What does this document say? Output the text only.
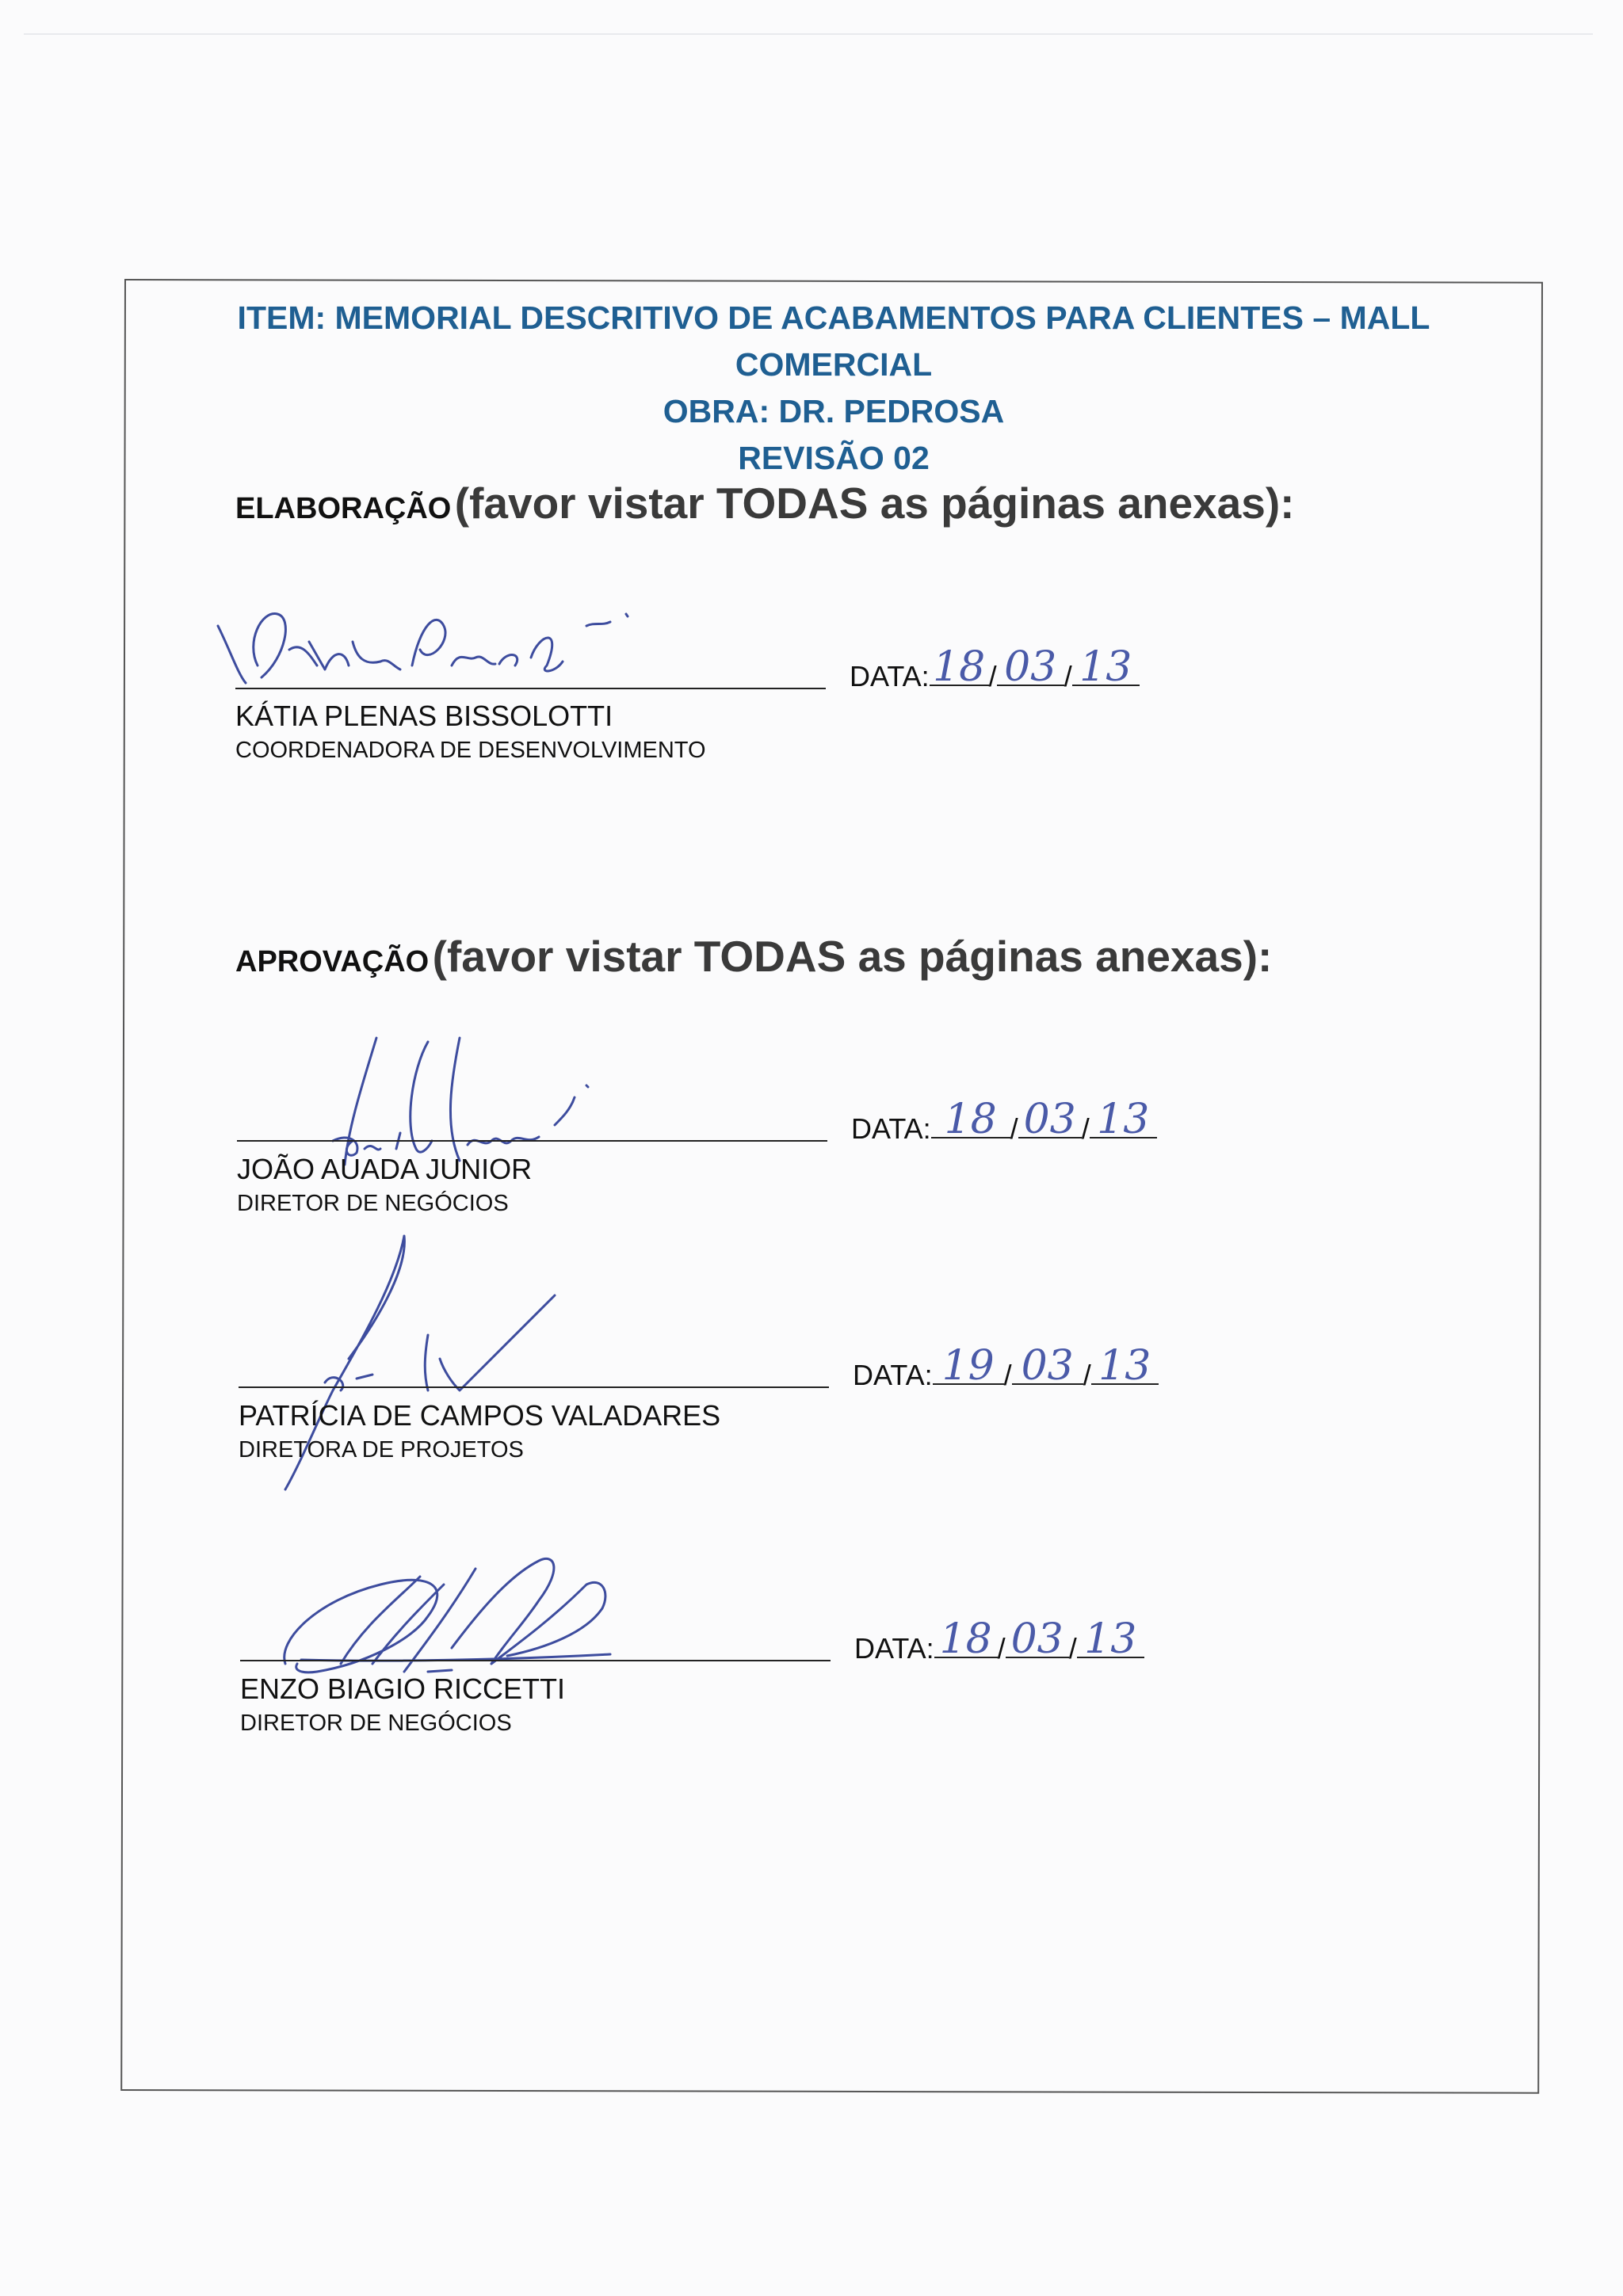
ITEM: MEMORIAL DESCRITIVO DE ACABAMENTOS PARA CLIENTES – MALL
COMERCIAL
OBRA: DR. PEDROSA
REVISÃO 02
ELABORAÇÃO (favor vistar TODAS as páginas anexas):
DATA: 18 / 03 / 13
KÁTIA PLENAS BISSOLOTTI
COORDENADORA DE DESENVOLVIMENTO
APROVAÇÃO (favor vistar TODAS as páginas anexas):
DATA: 18 / 03 / 13
JOÃO AUADA JUNIOR
DIRETOR DE NEGÓCIOS
DATA: 19 / 03 / 13
PATRÍCIA DE CAMPOS VALADARES
DIRETORA DE PROJETOS
DATA: 18 / 03 / 13
ENZO BIAGIO RICCETTI
DIRETOR DE NEGÓCIOS
